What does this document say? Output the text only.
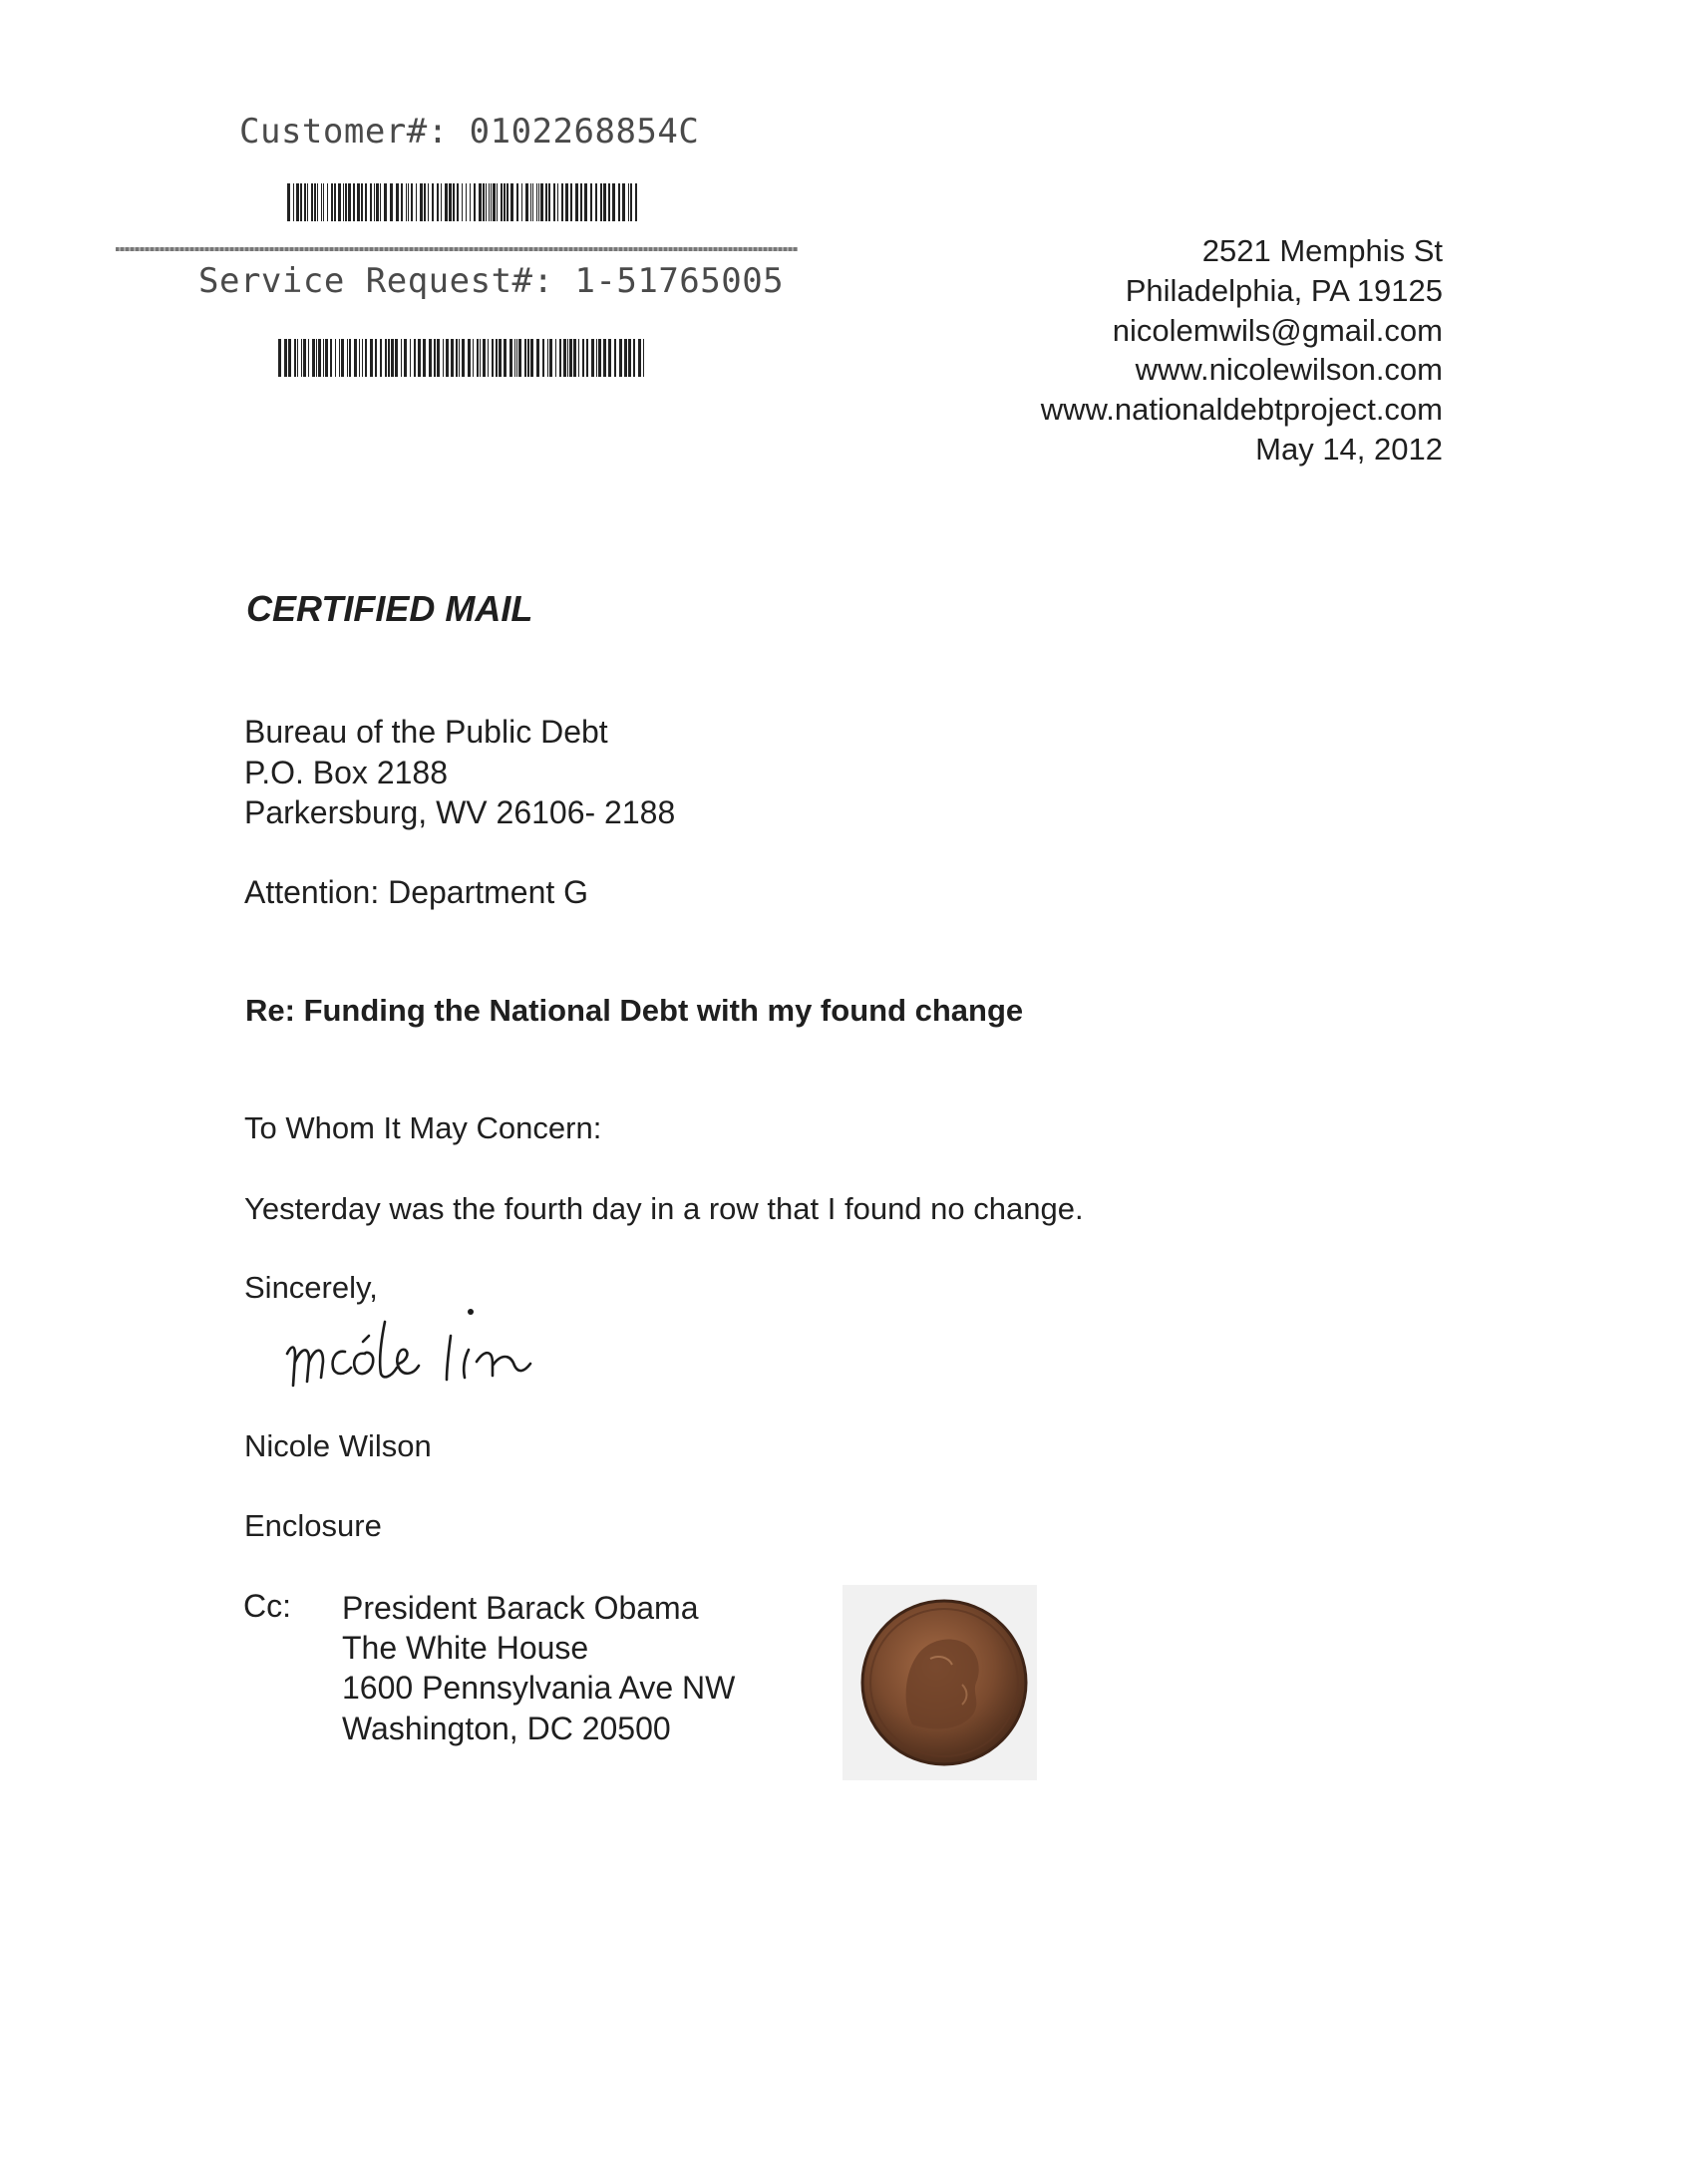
Customer#: 0102268854C
Service Request#: 1-51765005
2521 Memphis St
Philadelphia, PA 19125
nicolemwils@gmail.com
www.nicolewilson.com
www.nationaldebtproject.com
May 14, 2012
CERTIFIED MAIL
Bureau of the Public Debt
P.O. Box 2188
Parkersburg, WV 26106- 2188
Attention: Department G
Re: Funding the National Debt with my found change
To Whom It May Concern:
Yesterday was the fourth day in a row that I found no change.
Sincerely,
Nicole Wilson
Enclosure
Cc: President Barack Obama
The White House
1600 Pennsylvania Ave NW
Washington, DC 20500
